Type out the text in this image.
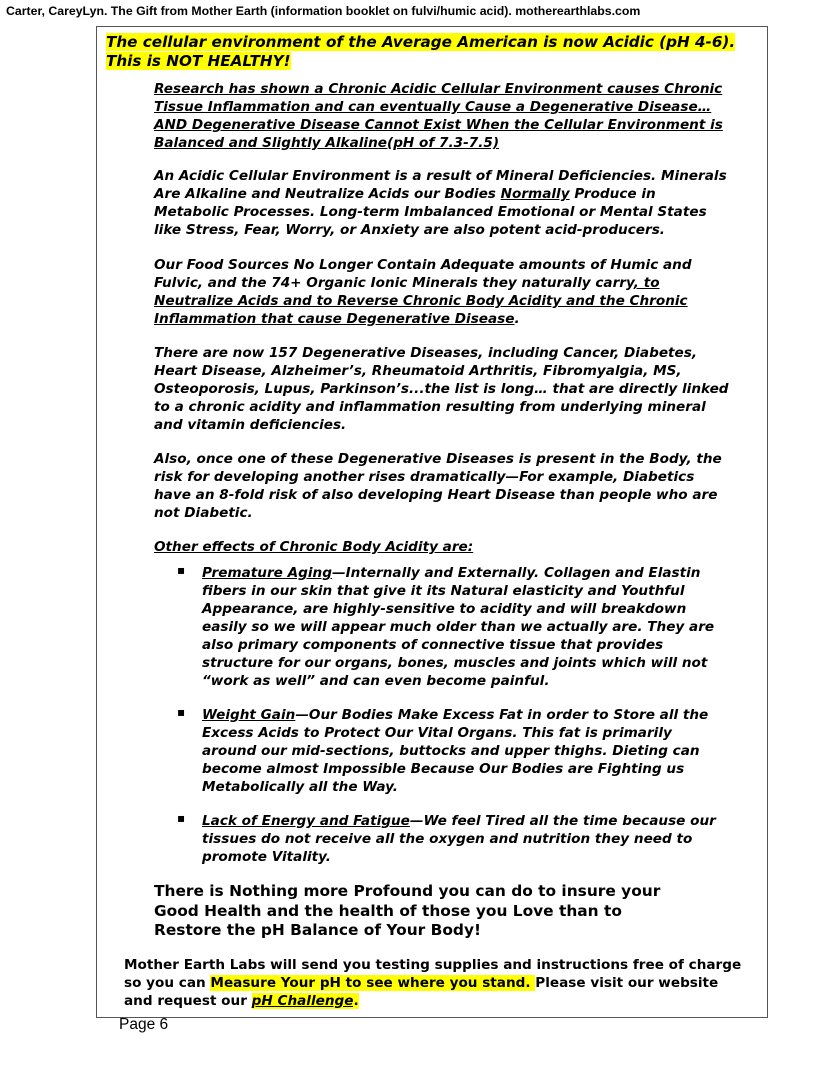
Carter, CareyLyn. The Gift from Mother Earth (information booklet on fulvi/humic acid). motherearthlabs.com
The cellular environment of the Average American is now Acidic (pH 4-6). This is NOT HEALTHY!
Research has shown a Chronic Acidic Cellular Environment causes Chronic Tissue Inflammation and can eventually Cause a Degenerative Disease…AND Degenerative Disease Cannot Exist When the Cellular Environment is Balanced and Slightly Alkaline(pH of 7.3-7.5)
An Acidic Cellular Environment is a result of Mineral Deficiencies. Minerals Are Alkaline and Neutralize Acids our Bodies Normally Produce in Metabolic Processes. Long-term Imbalanced Emotional or Mental States like Stress, Fear, Worry, or Anxiety are also potent acid-producers.
Our Food Sources No Longer Contain Adequate amounts of Humic and Fulvic, and the 74+ Organic Ionic Minerals they naturally carry, to Neutralize Acids and to Reverse Chronic Body Acidity and the Chronic Inflammation that cause Degenerative Disease.
There are now 157 Degenerative Diseases, including Cancer, Diabetes, Heart Disease, Alzheimer’s, Rheumatoid Arthritis, Fibromyalgia, MS, Osteoporosis, Lupus, Parkinson’s...the list is long… that are directly linked to a chronic acidity and inflammation resulting from underlying mineral and vitamin deficiencies.
Also, once one of these Degenerative Diseases is present in the Body, the risk for developing another rises dramatically—For example, Diabetics have an 8-fold risk of also developing Heart Disease than people who are not Diabetic.
Other effects of Chronic Body Acidity are:
▪ Premature Aging—Internally and Externally. Collagen and Elastin fibers in our skin that give it its Natural elasticity and Youthful Appearance, are highly-sensitive to acidity and will breakdown easily so we will appear much older than we actually are. They are also primary components of connective tissue that provides structure for our organs, bones, muscles and joints which will not “work as well” and can even become painful.
▪ Weight Gain—Our Bodies Make Excess Fat in order to Store all the Excess Acids to Protect Our Vital Organs. This fat is primarily around our mid-sections, buttocks and upper thighs. Dieting can become almost Impossible Because Our Bodies are Fighting us Metabolically all the Way.
▪ Lack of Energy and Fatigue—We feel Tired all the time because our tissues do not receive all the oxygen and nutrition they need to promote Vitality.
There is Nothing more Profound you can do to insure your Good Health and the health of those you Love than to Restore the pH Balance of Your Body!
Mother Earth Labs will send you testing supplies and instructions free of charge so you can Measure Your pH to see where you stand. Please visit our website and request our pH Challenge.
Page 6
